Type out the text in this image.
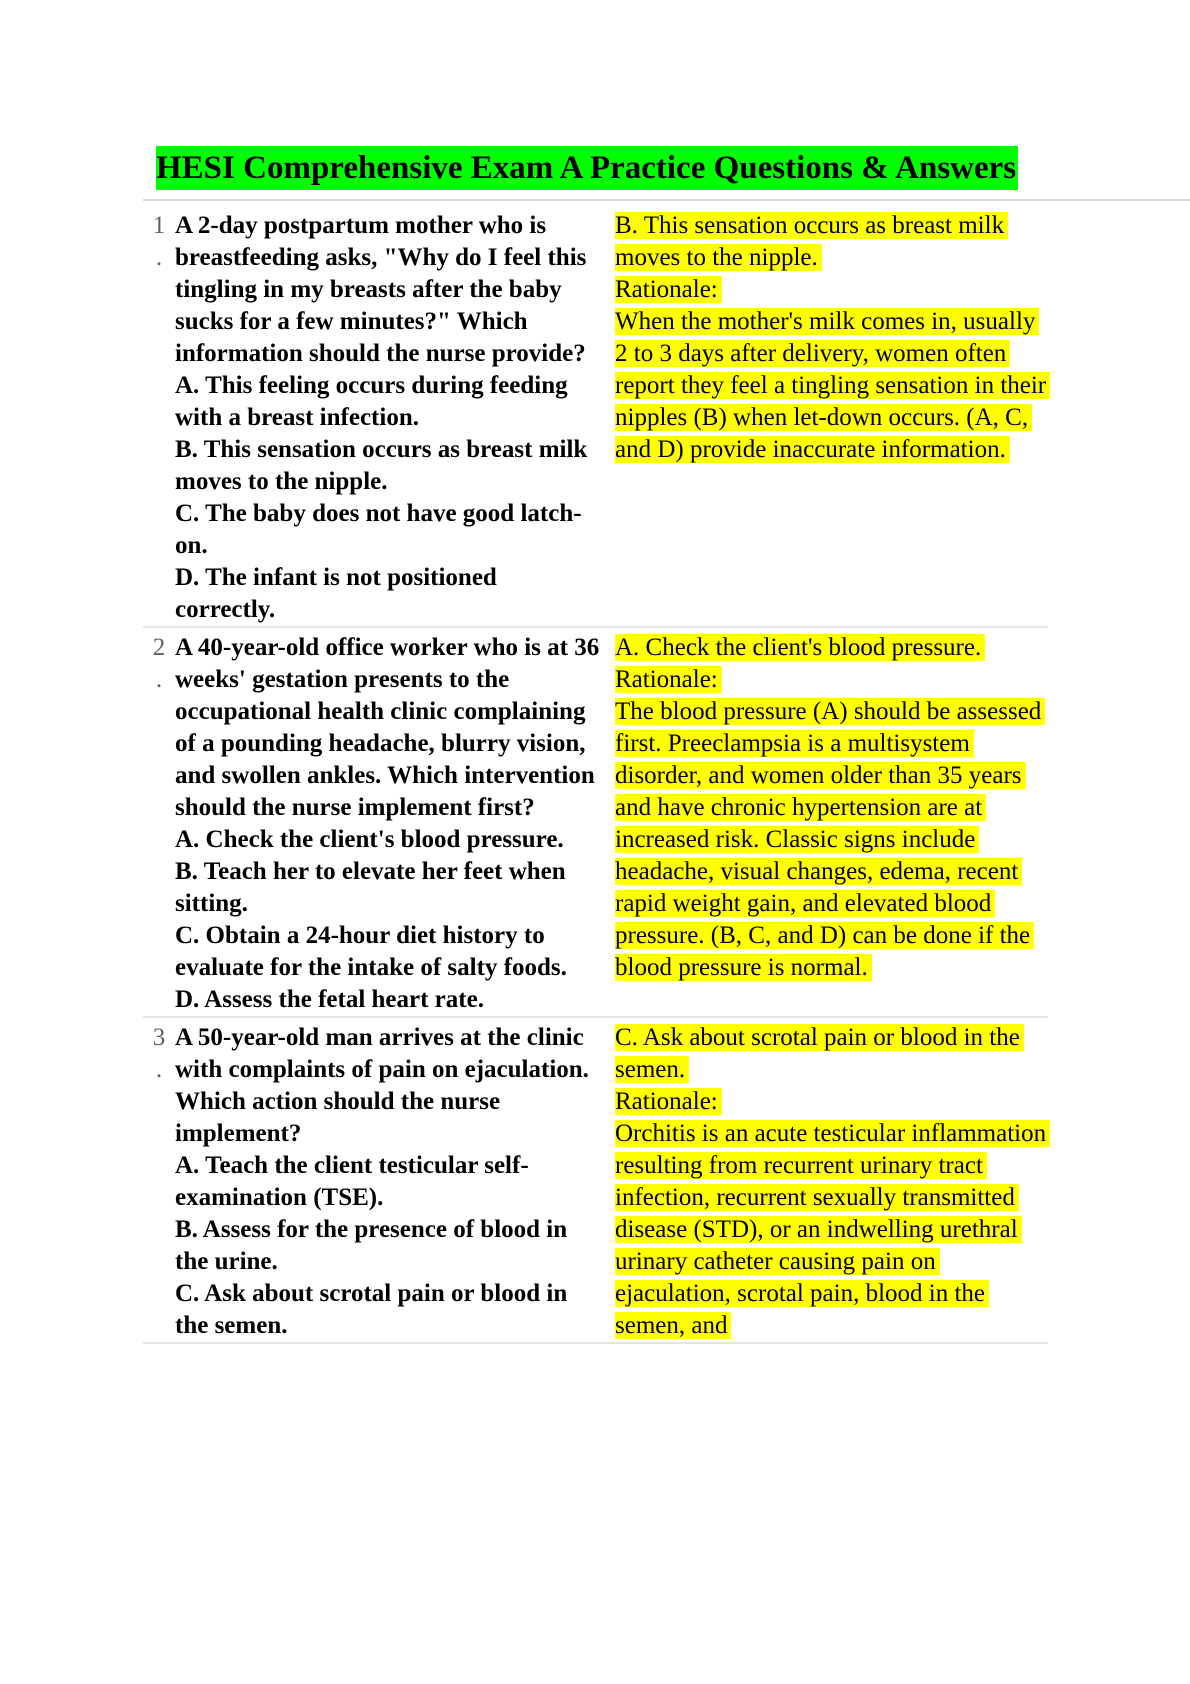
HESI Comprehensive Exam A Practice Questions & Answers
1
.
A 2-day postpartum mother who is breastfeeding asks, "Why do I feel this tingling in my breasts after the baby sucks for a few minutes?" Which information should the nurse provide?
A. This feeling occurs during feeding with a breast infection.
B. This sensation occurs as breast milk moves to the nipple.
C. The baby does not have good latch-on.
D. The infant is not positioned correctly.
B. This sensation occurs as breast milk moves to the nipple.
Rationale:
When the mother's milk comes in, usually 2 to 3 days after delivery, women often report they feel a tingling sensation in their nipples (B) when let-down occurs. (A, C, and D) provide inaccurate information.
2
.
A 40-year-old office worker who is at 36 weeks' gestation presents to the occupational health clinic complaining of a pounding headache, blurry vision, and swollen ankles. Which intervention should the nurse implement first?
A. Check the client's blood pressure.
B. Teach her to elevate her feet when sitting.
C. Obtain a 24-hour diet history to evaluate for the intake of salty foods.
D. Assess the fetal heart rate.
A. Check the client's blood pressure.
Rationale:
The blood pressure (A) should be assessed first. Preeclampsia is a multisystem disorder, and women older than 35 years and have chronic hypertension are at increased risk. Classic signs include headache, visual changes, edema, recent rapid weight gain, and elevated blood pressure. (B, C, and D) can be done if the blood pressure is normal.
3
.
A 50-year-old man arrives at the clinic with complaints of pain on ejaculation. Which action should the nurse implement?
A. Teach the client testicular self-examination (TSE).
B. Assess for the presence of blood in the urine.
C. Ask about scrotal pain or blood in the semen.
C. Ask about scrotal pain or blood in the semen.
Rationale:
Orchitis is an acute testicular inflammation resulting from recurrent urinary tract infection, recurrent sexually transmitted disease (STD), or an indwelling urethral urinary catheter causing pain on ejaculation, scrotal pain, blood in the semen, and
